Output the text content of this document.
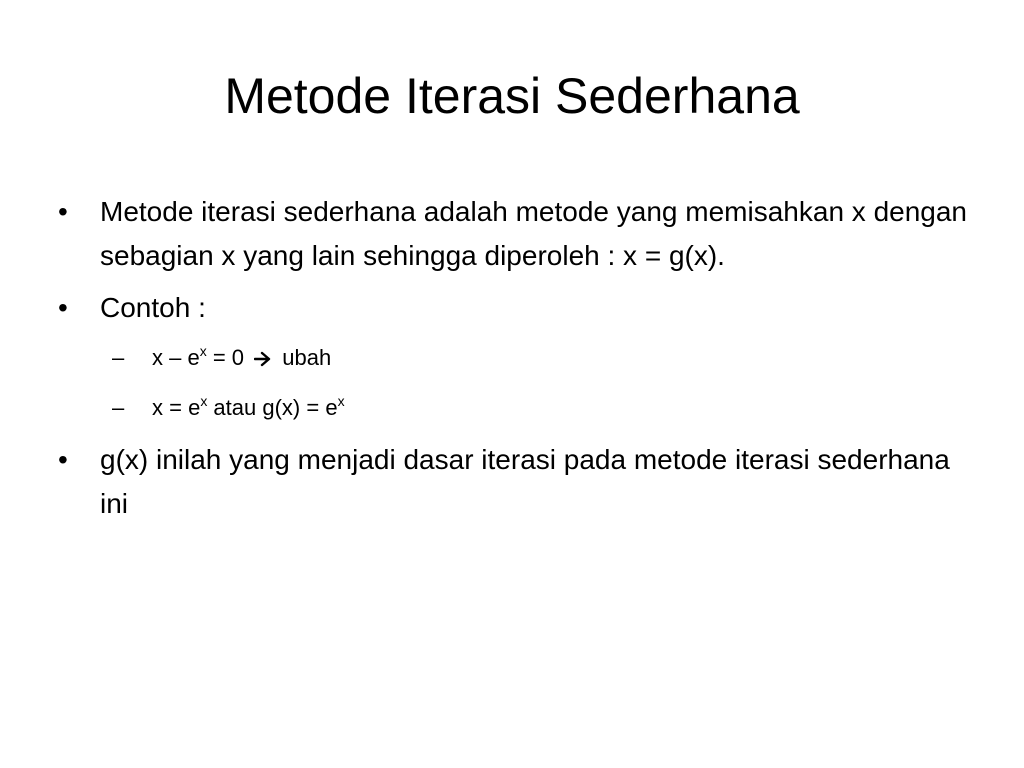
Metode Iterasi Sederhana
•	Metode iterasi sederhana adalah metode yang memisahkan x dengan sebagian x yang lain sehingga diperoleh : x = g(x).
•	Contoh :
– $x - e^x = 0$  ubah
– $x = e^x$ atau $g(x) = e^x$
•	g(x) inilah yang menjadi dasar iterasi pada metode iterasi sederhana ini
